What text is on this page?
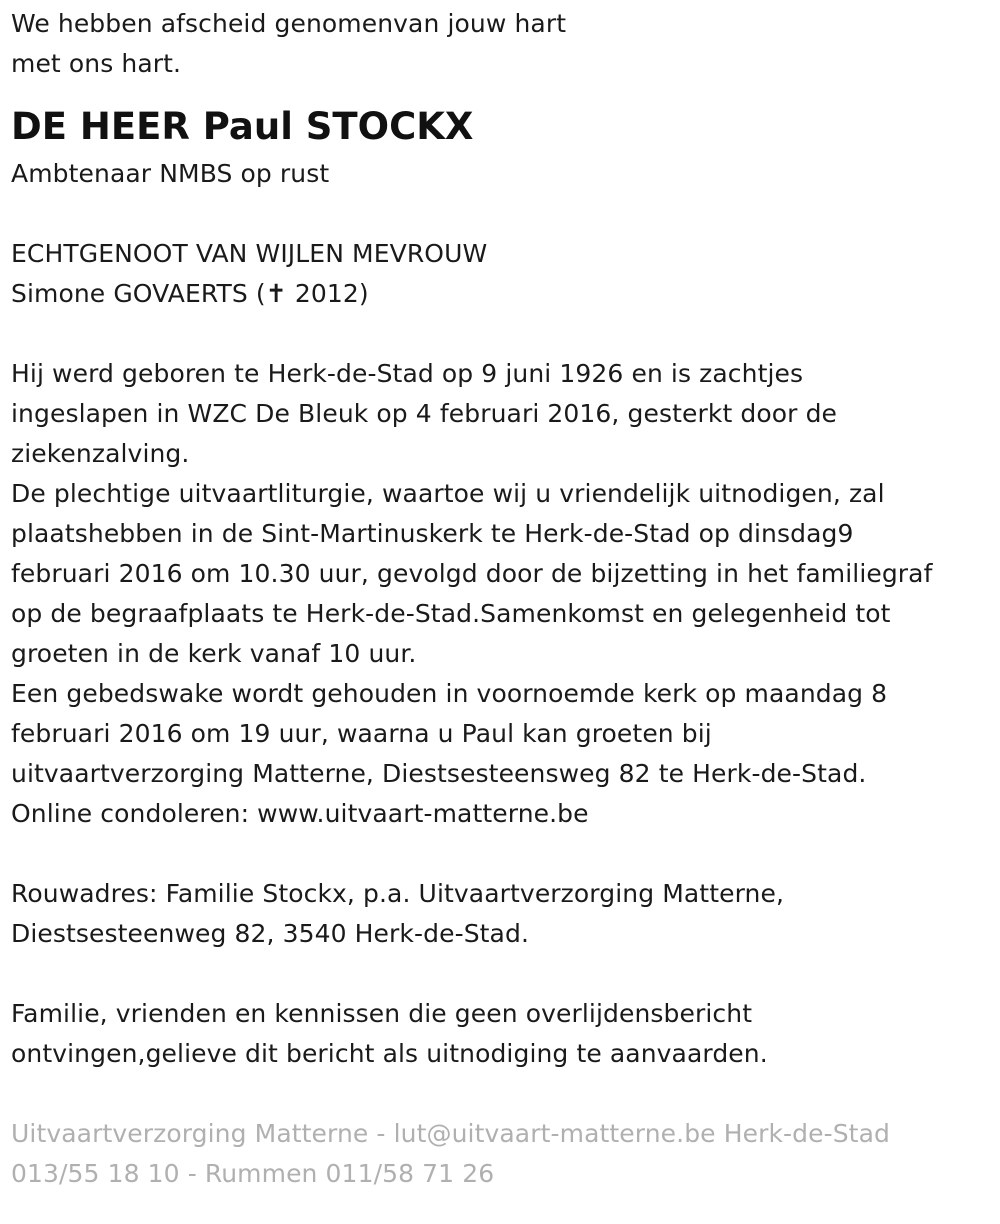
We hebben afscheid genomenvan jouw hart
met ons hart.
DE HEER Paul STOCKX
Ambtenaar NMBS op rust
ECHTGENOOT VAN WIJLEN MEVROUW
Simone GOVAERTS (✝ 2012)
Hij werd geboren te Herk-de-Stad op 9 juni 1926 en is zachtjes
ingeslapen in WZC De Bleuk op 4 februari 2016, gesterkt door de
ziekenzalving.
De plechtige uitvaartliturgie, waartoe wij u vriendelijk uitnodigen, zal
plaatshebben in de Sint-Martinuskerk te Herk-de-Stad op dinsdag9
februari 2016 om 10.30 uur, gevolgd door de bijzetting in het familiegraf
op de begraafplaats te Herk-de-Stad.Samenkomst en gelegenheid tot
groeten in de kerk vanaf 10 uur.
Een gebedswake wordt gehouden in voornoemde kerk op maandag 8
februari 2016 om 19 uur, waarna u Paul kan groeten bij
uitvaartverzorging Matterne, Diestsesteensweg 82 te Herk-de-Stad.
Online condoleren: www.uitvaart-matterne.be
Rouwadres: Familie Stockx, p.a. Uitvaartverzorging Matterne,
Diestsesteenweg 82, 3540 Herk-de-Stad.
Familie, vrienden en kennissen die geen overlijdensbericht
ontvingen,gelieve dit bericht als uitnodiging te aanvaarden.
Uitvaartverzorging Matterne - lut@uitvaart-matterne.be Herk-de-Stad
013/55 18 10 - Rummen 011/58 71 26
